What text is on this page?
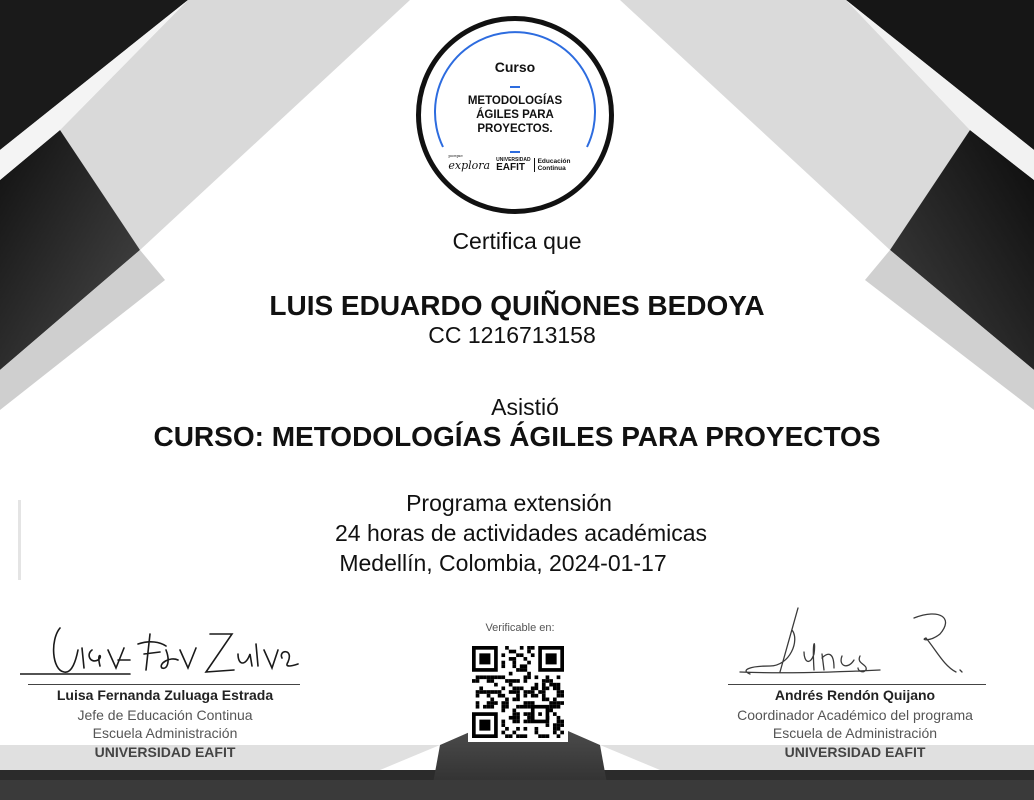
Curso
METODOLOGÍAS ÁGILES PARA PROYECTOS.
porque
explora UNIVERSIDAD
EAFIT
Educación Continua
Certifica que
LUIS EDUARDO QUIÑONES BEDOYA
CC 1216713158
Asistió
CURSO: METODOLOGÍAS ÁGILES PARA PROYECTOS
Programa extensión
24 horas de actividades académicas
Medellín, Colombia, 2024-01-17
Luisa Fernanda Zuluaga Estrada
Jefe de Educación Continua
Escuela Administración
UNIVERSIDAD EAFIT
Andrés Rendón Quijano
Coordinador Académico del programa
Escuela de Administración
UNIVERSIDAD EAFIT
Verificable en:
